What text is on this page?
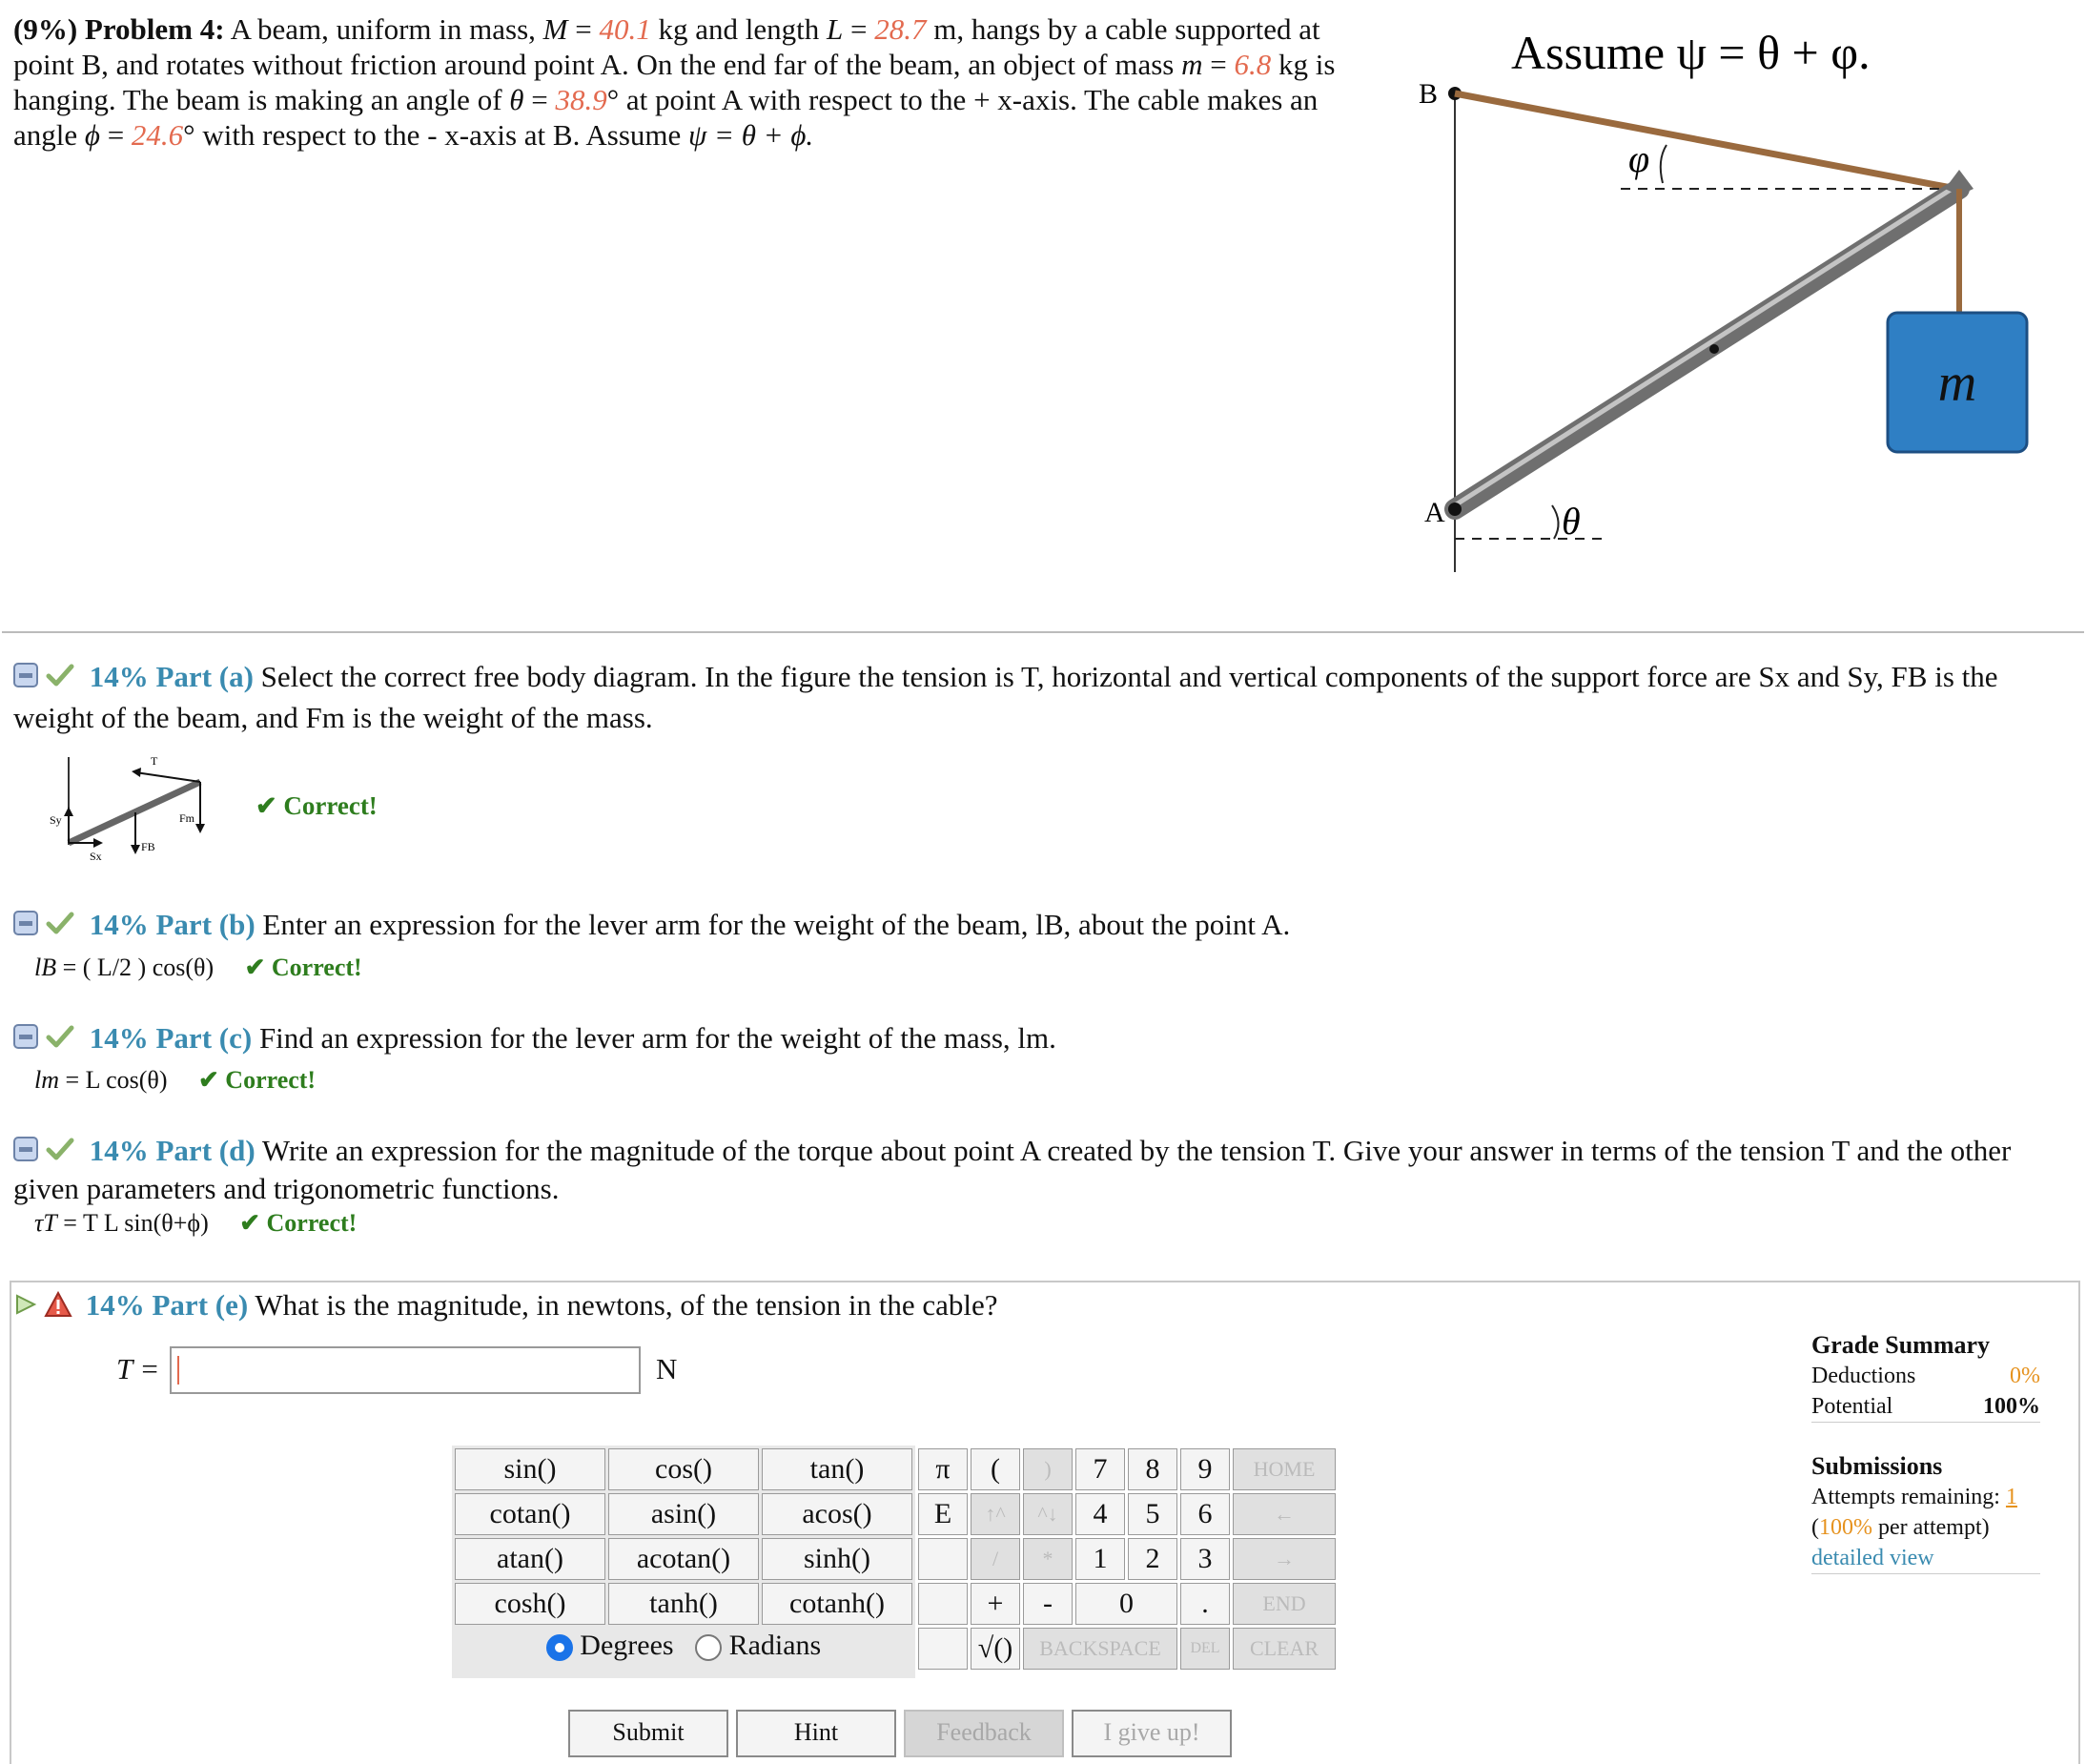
(9%) Problem 4: A beam, uniform in mass, M = 40.1 kg and length L = 28.7 m, hangs by a cable supported at point B, and rotates without friction around point A. On the end far of the beam, an object of mass m = 6.8 kg is hanging. The beam is making an angle of θ = 38.9° at point A with respect to the + x-axis. The cable makes an angle ϕ = 24.6° with respect to the - x-axis at B. Assume ψ = θ + ϕ.
Assume ψ = θ + φ.
B
φ
m
A	θ
14% Part (a) Select the correct free body diagram. In the figure the tension is T, horizontal and vertical components of the support force are Sx and Sy, FB is the weight of the beam, and Fm is the weight of the mass.
T
Sy
Sx
FB
Fm ✔ Correct!
14% Part (b) Enter an expression for the lever arm for the weight of the beam, lB, about the point A.
lB = ( L/2 ) cos(θ) ✔ Correct!
14% Part (c) Find an expression for the lever arm for the weight of the mass, lm.
lm = L cos(θ) ✔ Correct!
14% Part (d) Write an expression for the magnitude of the torque about point A created by the tension T. Give your answer in terms of the tension T and the other given parameters and trigonometric functions.
τT = T L sin(θ+ϕ) ✔ Correct!
14% Part (e) What is the magnitude, in newtons, of the tension in the cable?
T =	N
sin()	cos()	tan()
cotan()	asin()	acos()
atan()	acotan()	sinh()
cosh()	tanh()	cotanh()
Degrees Radians
π	(	)	7	8	9	HOME
E	↑^	^↓	4	5	6	←
	/	*	1	2	3	→
	+	-	0		.	END
	√()	BACKSPACE			DEL	CLEAR
Submit	Hint	Feedback	I give up!
Grade Summary
Deductions	0%
Potential	100%
Submissions
Attempts remaining: 1
(100% per attempt)
detailed view
